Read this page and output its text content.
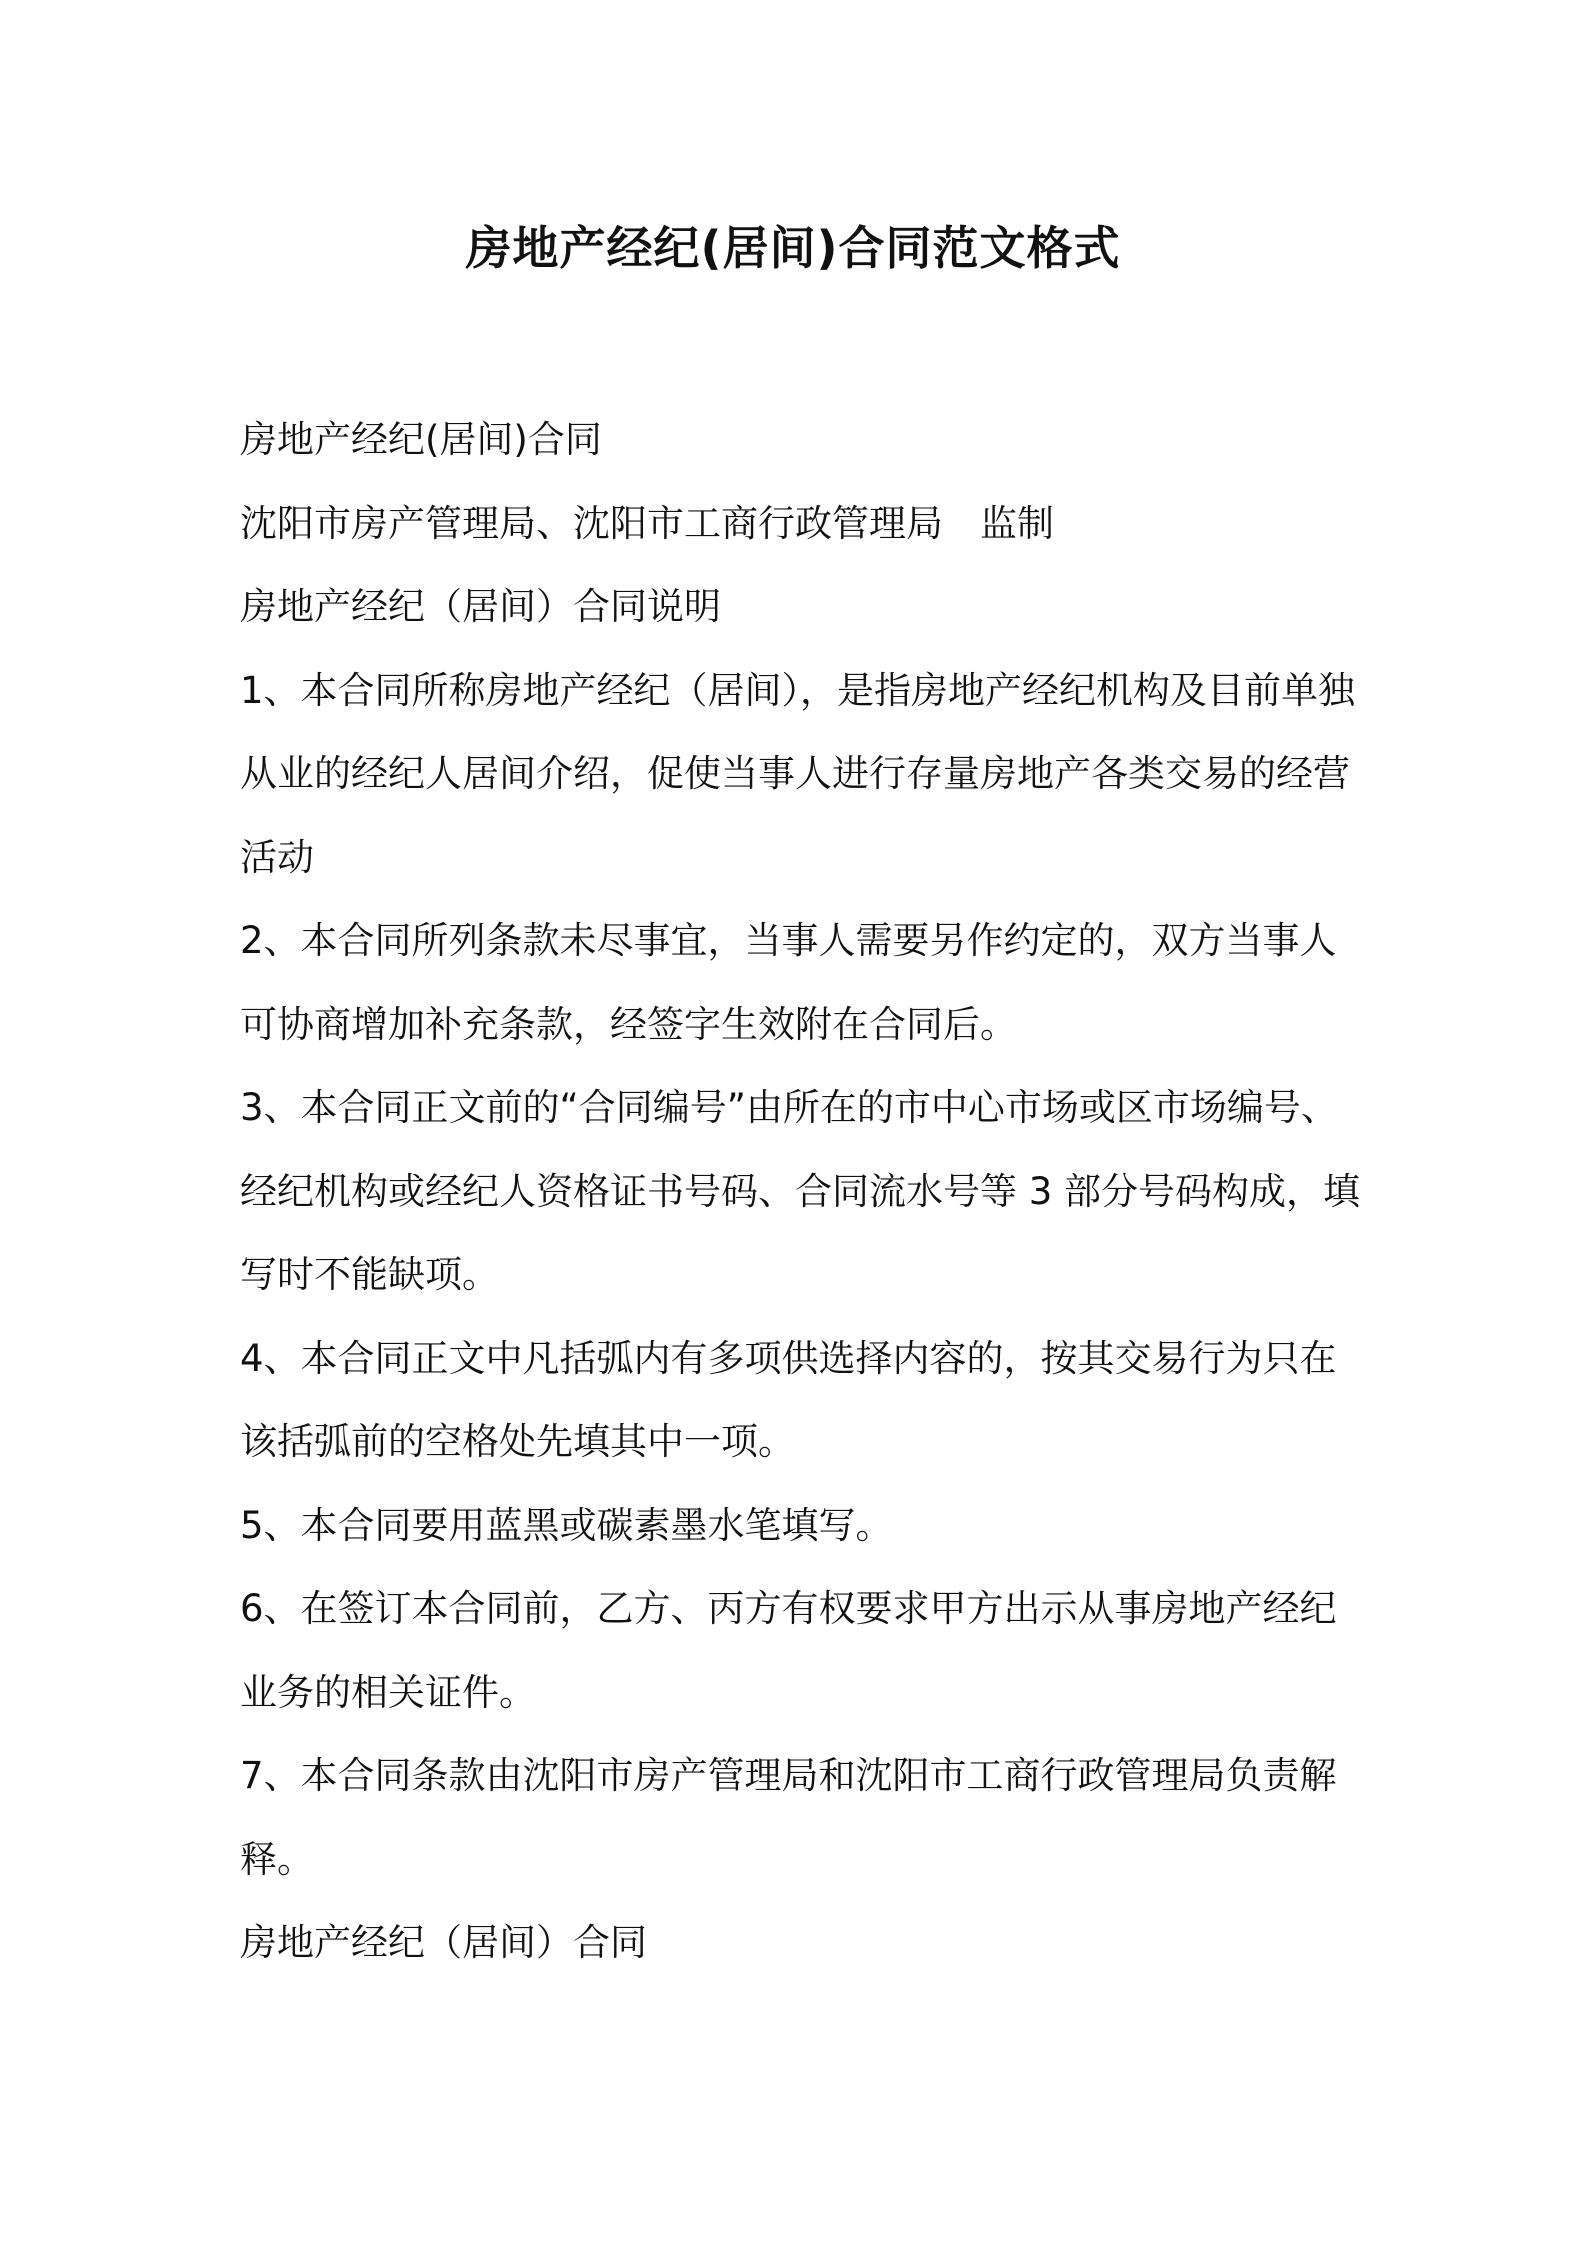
房地产经纪(居间)合同范文格式

房地产经纪(居间)合同

沈阳市房产管理局、沈阳市工商行政管理局　监制

房地产经纪（居间）合同说明

1、本合同所称房地产经纪（居间），是指房地产经纪机构及目前单独
从业的经纪人居间介绍，促使当事人进行存量房地产各类交易的经营
活动

2、本合同所列条款未尽事宜，当事人需要另作约定的，双方当事人
可协商增加补充条款，经签字生效附在合同后。

3、本合同正文前的“合同编号”由所在的市中心市场或区市场编号、
经纪机构或经纪人资格证书号码、合同流水号等 3 部分号码构成，填
写时不能缺项。

4、本合同正文中凡括弧内有多项供选择内容的，按其交易行为只在
该括弧前的空格处先填其中一项。

5、本合同要用蓝黑或碳素墨水笔填写。

6、在签订本合同前，乙方、丙方有权要求甲方出示从事房地产经纪
业务的相关证件。

7、本合同条款由沈阳市房产管理局和沈阳市工商行政管理局负责解
释。

房地产经纪（居间）合同
